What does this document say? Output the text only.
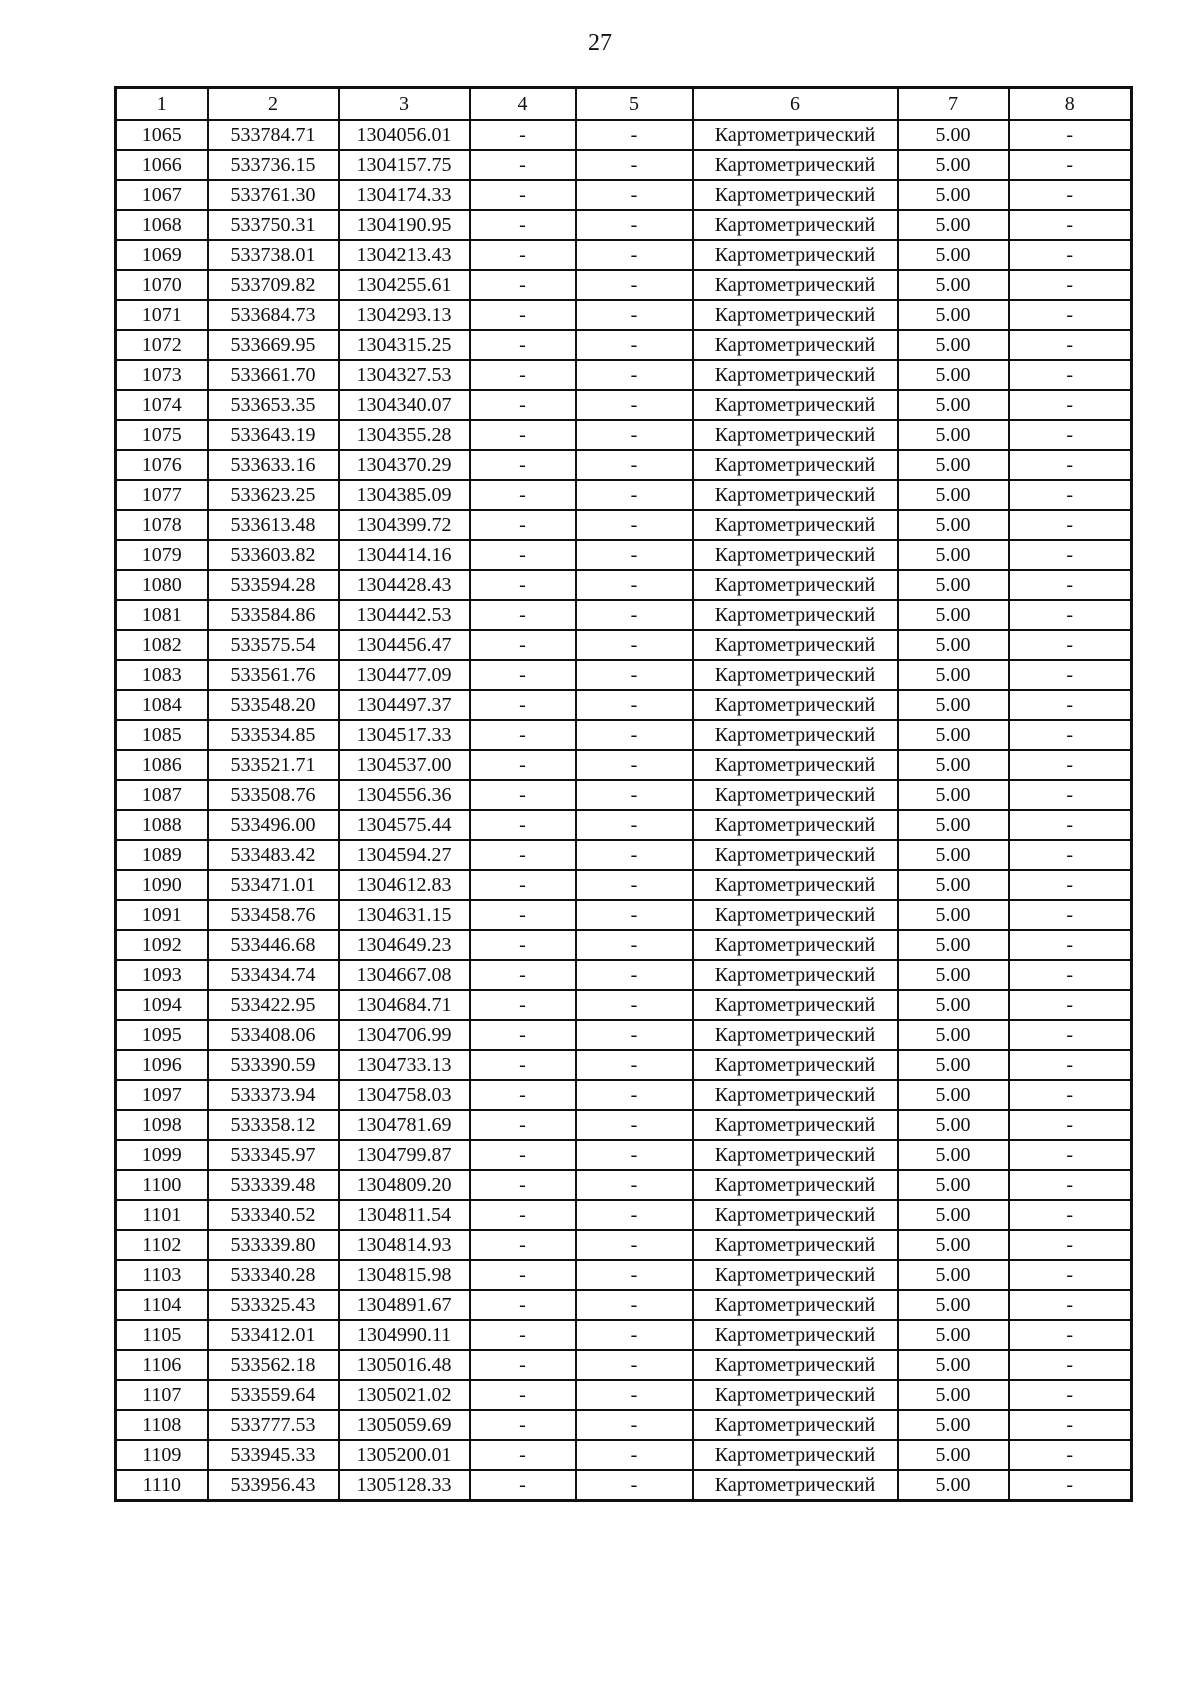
27
1	2	3	4	5	6	7	8
1065	533784.71	1304056.01	-	-	Картометрический	5.00	-
1066	533736.15	1304157.75	-	-	Картометрический	5.00	-
1067	533761.30	1304174.33	-	-	Картометрический	5.00	-
1068	533750.31	1304190.95	-	-	Картометрический	5.00	-
1069	533738.01	1304213.43	-	-	Картометрический	5.00	-
1070	533709.82	1304255.61	-	-	Картометрический	5.00	-
1071	533684.73	1304293.13	-	-	Картометрический	5.00	-
1072	533669.95	1304315.25	-	-	Картометрический	5.00	-
1073	533661.70	1304327.53	-	-	Картометрический	5.00	-
1074	533653.35	1304340.07	-	-	Картометрический	5.00	-
1075	533643.19	1304355.28	-	-	Картометрический	5.00	-
1076	533633.16	1304370.29	-	-	Картометрический	5.00	-
1077	533623.25	1304385.09	-	-	Картометрический	5.00	-
1078	533613.48	1304399.72	-	-	Картометрический	5.00	-
1079	533603.82	1304414.16	-	-	Картометрический	5.00	-
1080	533594.28	1304428.43	-	-	Картометрический	5.00	-
1081	533584.86	1304442.53	-	-	Картометрический	5.00	-
1082	533575.54	1304456.47	-	-	Картометрический	5.00	-
1083	533561.76	1304477.09	-	-	Картометрический	5.00	-
1084	533548.20	1304497.37	-	-	Картометрический	5.00	-
1085	533534.85	1304517.33	-	-	Картометрический	5.00	-
1086	533521.71	1304537.00	-	-	Картометрический	5.00	-
1087	533508.76	1304556.36	-	-	Картометрический	5.00	-
1088	533496.00	1304575.44	-	-	Картометрический	5.00	-
1089	533483.42	1304594.27	-	-	Картометрический	5.00	-
1090	533471.01	1304612.83	-	-	Картометрический	5.00	-
1091	533458.76	1304631.15	-	-	Картометрический	5.00	-
1092	533446.68	1304649.23	-	-	Картометрический	5.00	-
1093	533434.74	1304667.08	-	-	Картометрический	5.00	-
1094	533422.95	1304684.71	-	-	Картометрический	5.00	-
1095	533408.06	1304706.99	-	-	Картометрический	5.00	-
1096	533390.59	1304733.13	-	-	Картометрический	5.00	-
1097	533373.94	1304758.03	-	-	Картометрический	5.00	-
1098	533358.12	1304781.69	-	-	Картометрический	5.00	-
1099	533345.97	1304799.87	-	-	Картометрический	5.00	-
1100	533339.48	1304809.20	-	-	Картометрический	5.00	-
1101	533340.52	1304811.54	-	-	Картометрический	5.00	-
1102	533339.80	1304814.93	-	-	Картометрический	5.00	-
1103	533340.28	1304815.98	-	-	Картометрический	5.00	-
1104	533325.43	1304891.67	-	-	Картометрический	5.00	-
1105	533412.01	1304990.11	-	-	Картометрический	5.00	-
1106	533562.18	1305016.48	-	-	Картометрический	5.00	-
1107	533559.64	1305021.02	-	-	Картометрический	5.00	-
1108	533777.53	1305059.69	-	-	Картометрический	5.00	-
1109	533945.33	1305200.01	-	-	Картометрический	5.00	-
1110	533956.43	1305128.33	-	-	Картометрический	5.00	-
